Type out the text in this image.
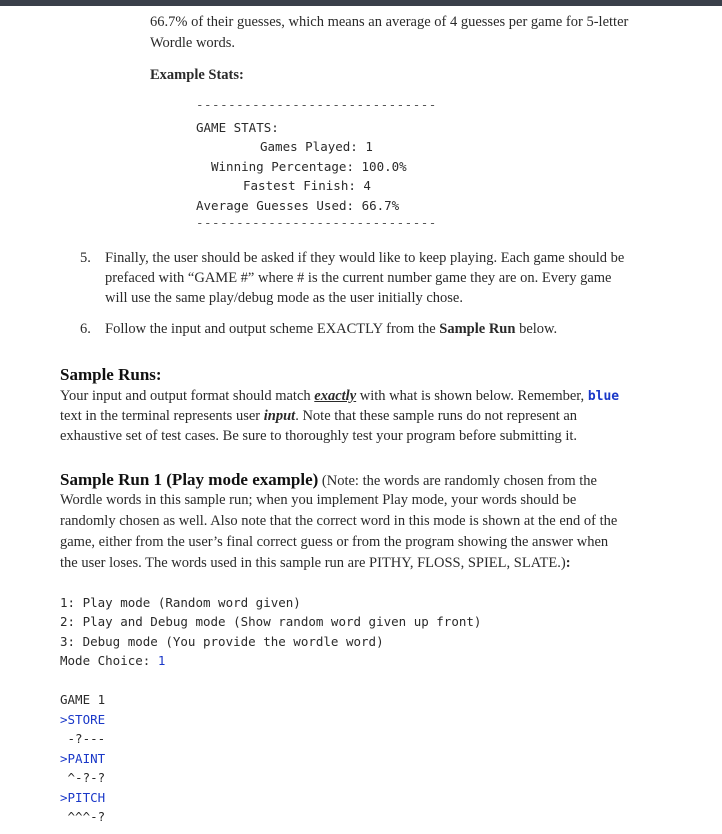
66.7% of their guesses, which means an average of 4 guesses per game for 5-letter
Wordle words.
Example Stats:
------------------------------
GAME STATS:
Games Played: 1
Winning Percentage: 100.0%
Fastest Finish: 4
Average Guesses Used: 66.7%
------------------------------
5. Finally, the user should be asked if they would like to keep playing. Each game should be
prefaced with “GAME #” where # is the current number game they are on. Every game
will use the same play/debug mode as the user initially chose.
6. Follow the input and output scheme EXACTLY from the Sample Run below.
Sample Runs:
Your input and output format should match exactly with what is shown below. Remember, blue
text in the terminal represents user input. Note that these sample runs do not represent an
exhaustive set of test cases. Be sure to thoroughly test your program before submitting it.
Sample Run 1 (Play mode example) (Note: the words are randomly chosen from the
Wordle words in this sample run; when you implement Play mode, your words should be
randomly chosen as well. Also note that the correct word in this mode is shown at the end of the
game, either from the user’s final correct guess or from the program showing the answer when
the user loses. The words used in this sample run are PITHY, FLOSS, SPIEL, SLATE.):
1: Play mode (Random word given)
2: Play and Debug mode (Show random word given up front)
3: Debug mode (You provide the wordle word)
Mode Choice: 1
GAME 1
>STORE
-?---
>PAINT
^-?-?
>PITCH
^^^-?
